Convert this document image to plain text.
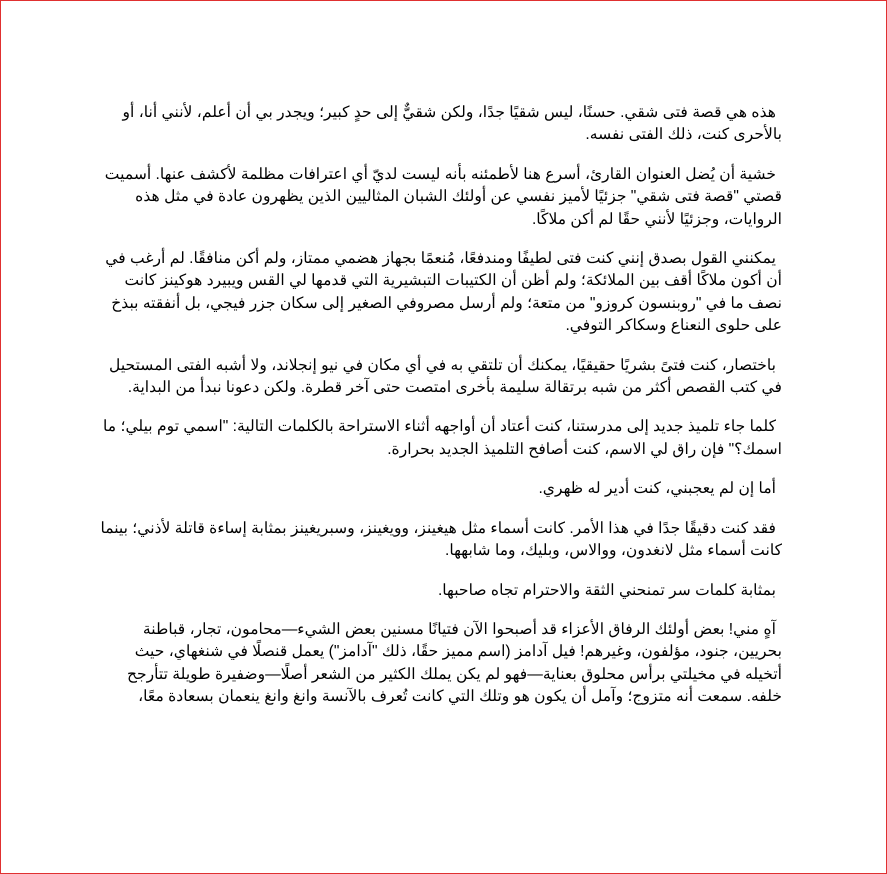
هذه هي قصة فتى شقي. حسنًا، ليس شقيًا جدًا، ولكن شقيٌّ إلى حدٍ كبير؛ ويجدر بي أن أعلم، لأنني أنا، أو بالأحرى كنت، ذلك الفتى نفسه.

خشية أن يُضل العنوان القارئ، أسرع هنا لأطمئنه بأنه ليست لديّ أي اعترافات مظلمة لأكشف عنها. أسميت قصتي "قصة فتى شقي" جزئيًا لأميز نفسي عن أولئك الشبان المثاليين الذين يظهرون عادة في مثل هذه الروايات، وجزئيًا لأنني حقًا لم أكن ملاكًا.

يمكنني القول بصدق إنني كنت فتى لطيفًا ومندفعًا، مُنعمًا بجهاز هضمي ممتاز، ولم أكن منافقًا. لم أرغب في أن أكون ملاكًا أقف بين الملائكة؛ ولم أظن أن الكتيبات التبشيرية التي قدمها لي القس ويبيرد هوكينز كانت نصف ما في "روبنسون كروزو" من متعة؛ ولم أرسل مصروفي الصغير إلى سكان جزر فيجي، بل أنفقته ببذخ على حلوى النعناع وسكاكر التوفي.

باختصار، كنت فتىً بشريًا حقيقيًا، يمكنك أن تلتقي به في أي مكان في نيو إنجلاند، ولا أشبه الفتى المستحيل في كتب القصص أكثر من شبه برتقالة سليمة بأخرى امتصت حتى آخر قطرة. ولكن دعونا نبدأ من البداية.

كلما جاء تلميذ جديد إلى مدرستنا، كنت أعتاد أن أواجهه أثناء الاستراحة بالكلمات التالية: "اسمي توم بيلي؛ ما اسمك؟" فإن راق لي الاسم، كنت أصافح التلميذ الجديد بحرارة.

أما إن لم يعجبني، كنت أدير له ظهري.

فقد كنت دقيقًا جدًا في هذا الأمر. كانت أسماء مثل هيغينز، وويغينز، وسبريغينز بمثابة إساءة قاتلة لأذني؛ بينما كانت أسماء مثل لانغدون، ووالاس، وبليك، وما شابهها.

بمثابة كلمات سر تمنحني الثقة والاحترام تجاه صاحبها.

آهٍ مني! بعض أولئك الرفاق الأعزاء قد أصبحوا الآن فتيانًا مسنين بعض الشيء—محامون، تجار، قباطنة بحريين، جنود، مؤلفون، وغيرهم! فيل آدامز (اسم مميز حقًا، ذلك "آدامز") يعمل قنصلًا في شنغهاي، حيث أتخيله في مخيلتي برأس محلوق بعناية—فهو لم يكن يملك الكثير من الشعر أصلًا—وضفيرة طويلة تتأرجح خلفه. سمعت أنه متزوج؛ وآمل أن يكون هو وتلك التي كانت تُعرف بالآنسة وانغ وانغ ينعمان بسعادة معًا،
